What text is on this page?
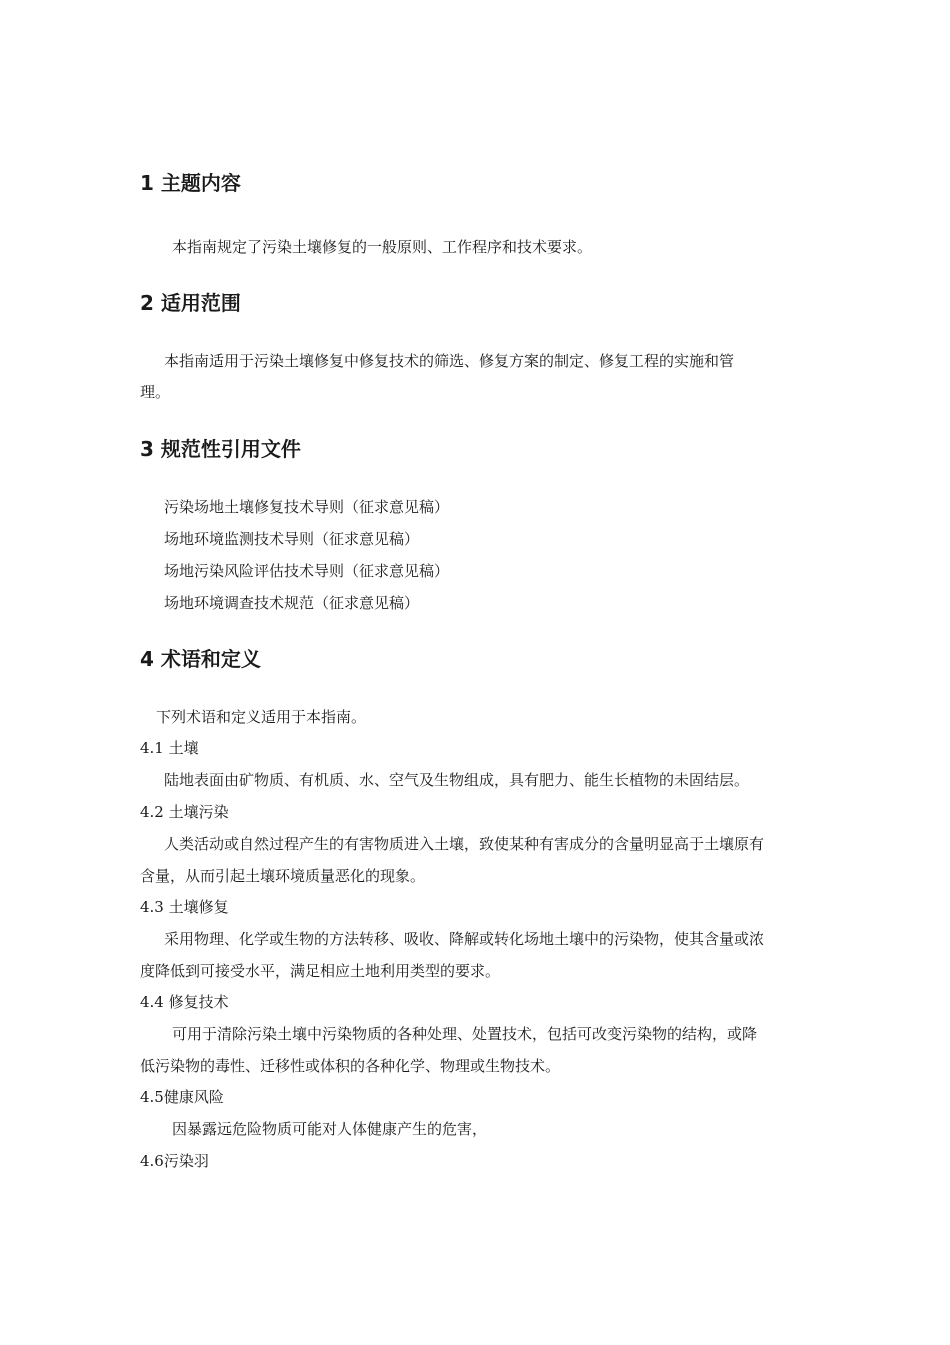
1 主题内容
本指南规定了污染土壤修复的一般原则、工作程序和技术要求。
2 适用范围
本指南适用于污染土壤修复中修复技术的筛选、修复方案的制定、修复工程的实施和管
理。
3 规范性引用文件
污染场地土壤修复技术导则（征求意见稿）
场地环境监测技术导则（征求意见稿）
场地污染风险评估技术导则（征求意见稿）
场地环境调查技术规范（征求意见稿）
4 术语和定义
下列术语和定义适用于本指南。
4.1 土壤
陆地表面由矿物质、有机质、水、空气及生物组成，具有肥力、能生长植物的未固结层。
4.2 土壤污染
人类活动或自然过程产生的有害物质进入土壤，致使某种有害成分的含量明显高于土壤原有
含量，从而引起土壤环境质量恶化的现象。
4.3 土壤修复
采用物理、化学或生物的方法转移、吸收、降解或转化场地土壤中的污染物，使其含量或浓
度降低到可接受水平，满足相应土地利用类型的要求。
4.4 修复技术
可用于清除污染土壤中污染物质的各种处理、处置技术，包括可改变污染物的结构，或降
低污染物的毒性、迁移性或体积的各种化学、物理或生物技术。
4.5健康风险
因暴露远危险物质可能对人体健康产生的危害，
4.6污染羽
